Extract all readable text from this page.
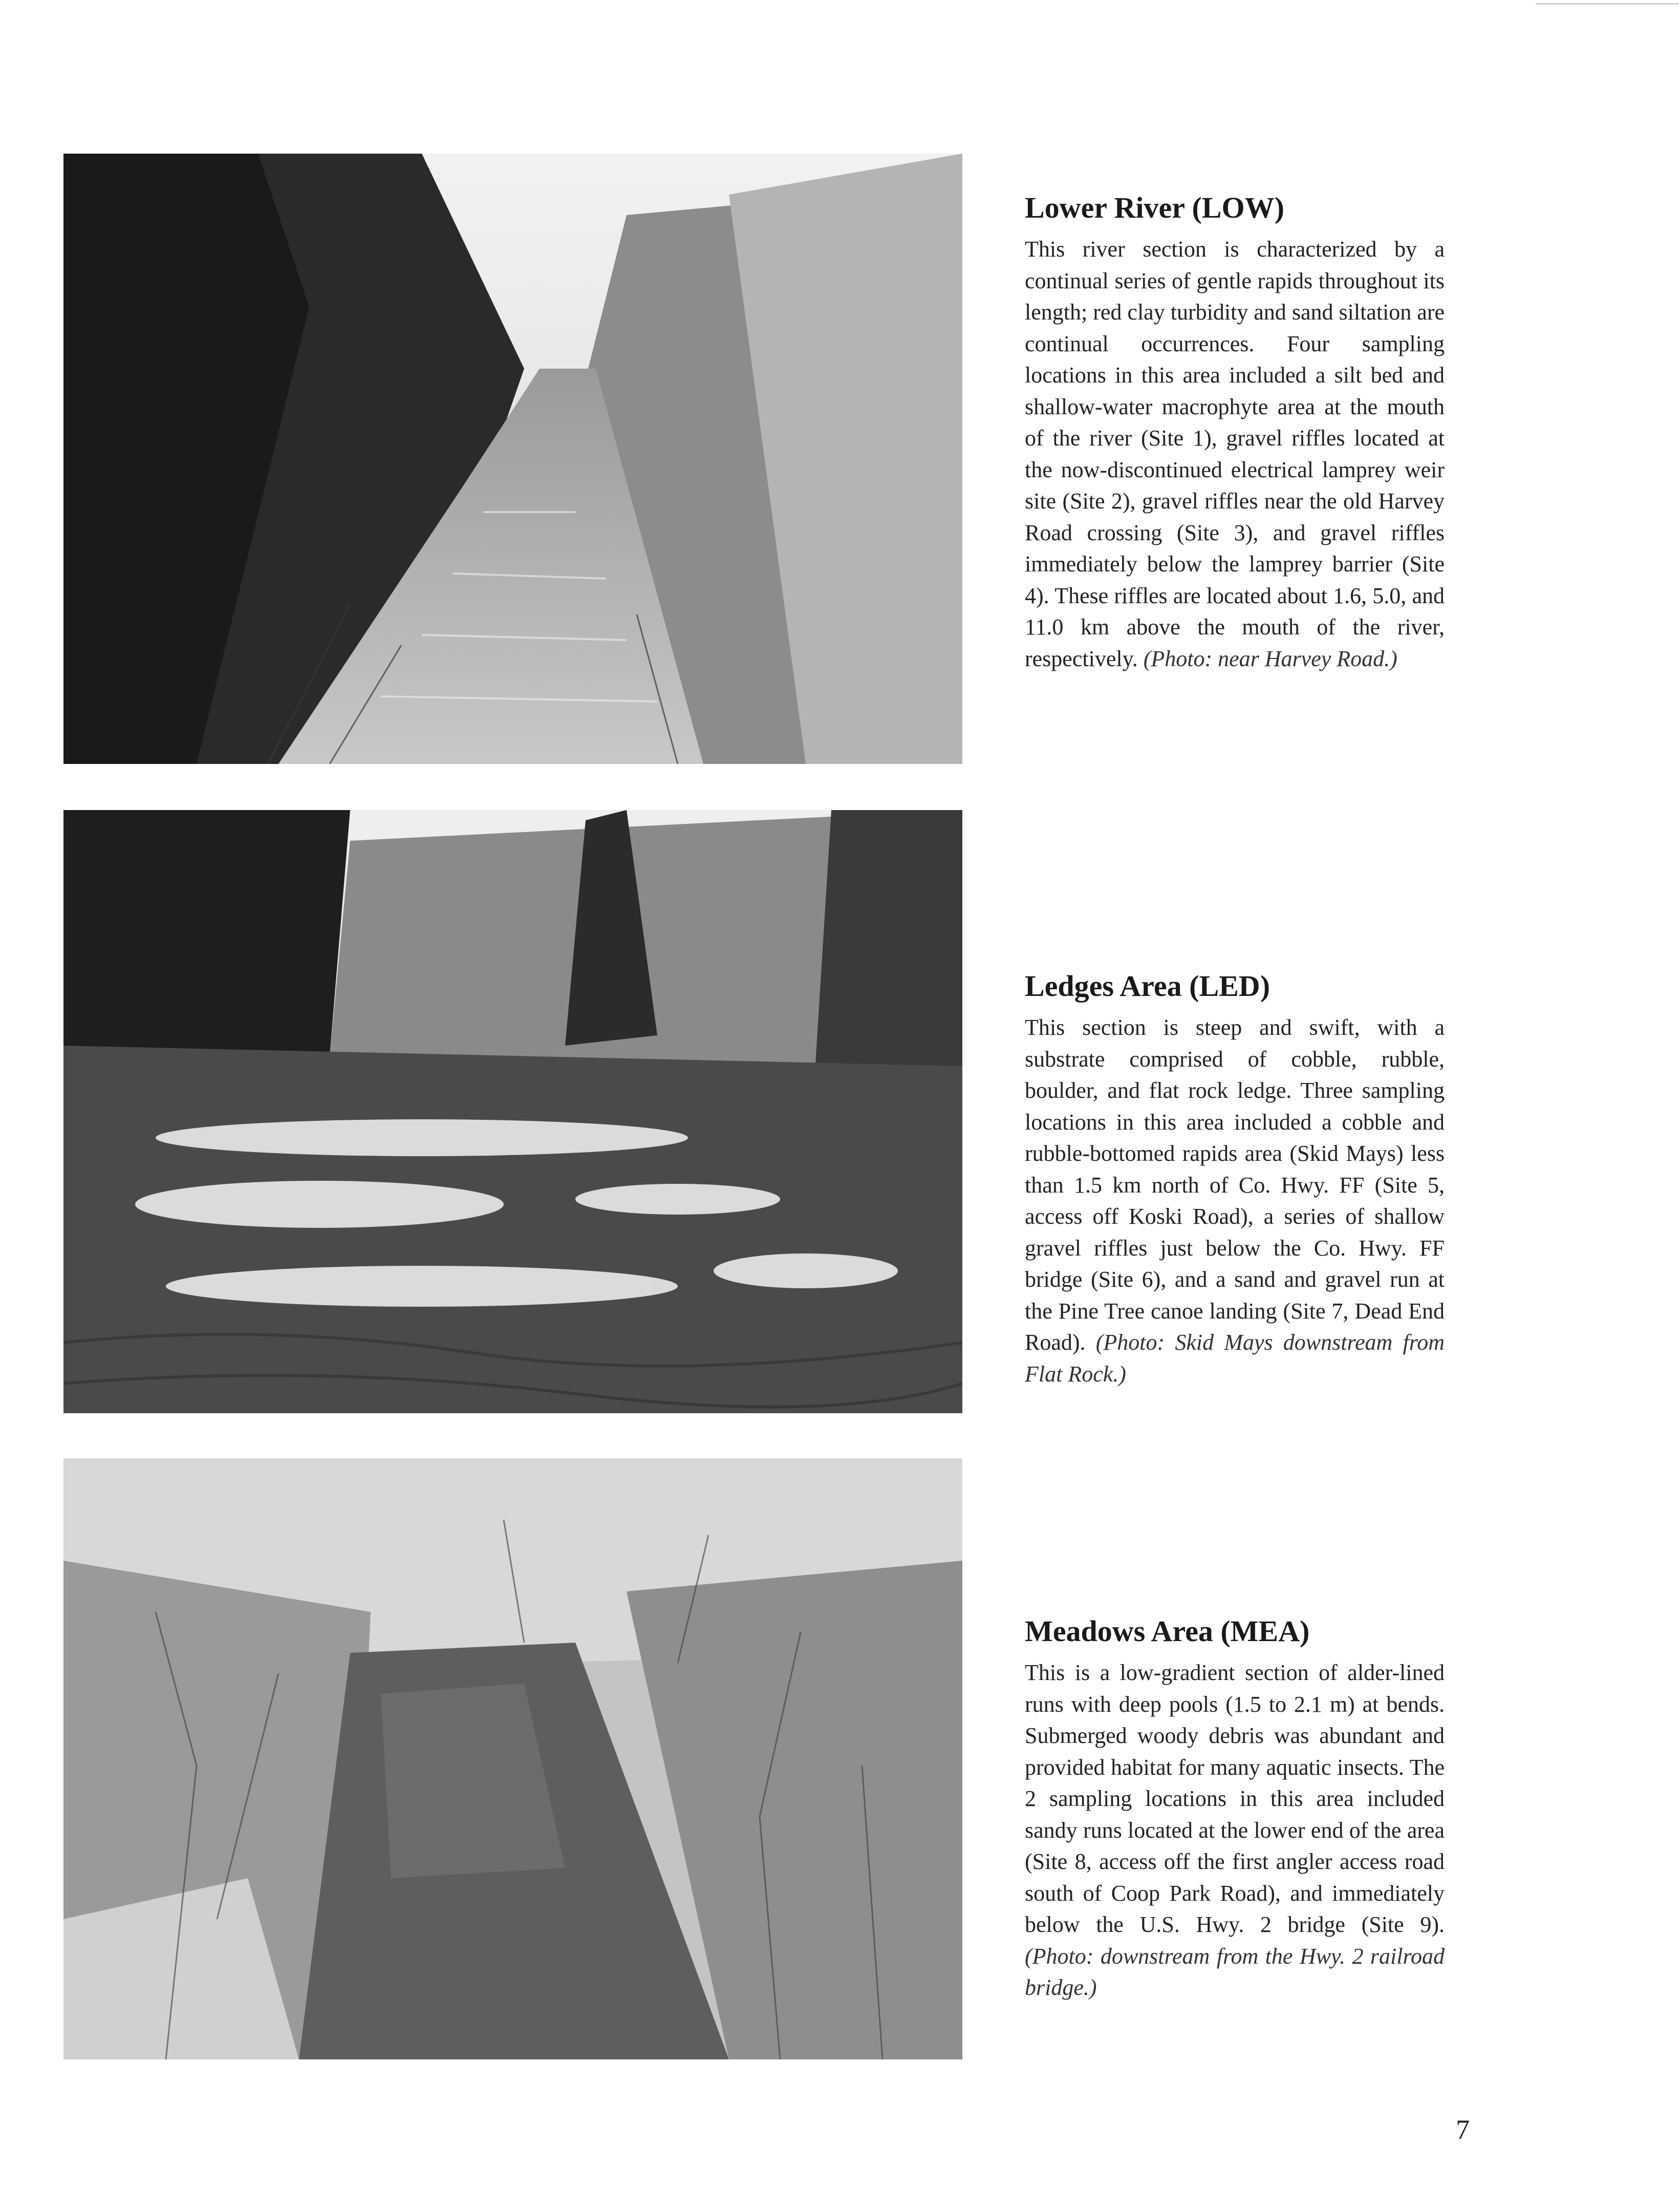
Lower River (LOW)

This river section is characterized by a continual series of gentle rapids throughout its length; red clay turbidity and sand siltation are continual occurrences. Four sampling locations in this area included a silt bed and shallow-water macrophyte area at the mouth of the river (Site 1), gravel riffles located at the now-discontinued electrical lamprey weir site (Site 2), gravel riffles near the old Harvey Road crossing (Site 3), and gravel riffles immediately below the lamprey barrier (Site 4). These riffles are located about 1.6, 5.0, and 11.0 km above the mouth of the river, respectively. (Photo: near Harvey Road.)

Ledges Area (LED)

This section is steep and swift, with a substrate comprised of cobble, rubble, boulder, and flat rock ledge. Three sampling locations in this area included a cobble and rubble-bottomed rapids area (Skid Mays) less than 1.5 km north of Co. Hwy. FF (Site 5, access off Koski Road), a series of shallow gravel riffles just below the Co. Hwy. FF bridge (Site 6), and a sand and gravel run at the Pine Tree canoe landing (Site 7, Dead End Road). (Photo: Skid Mays downstream from Flat Rock.)

Meadows Area (MEA)

This is a low-gradient section of alder-lined runs with deep pools (1.5 to 2.1 m) at bends. Submerged woody debris was abundant and provided habitat for many aquatic insects. The 2 sampling locations in this area included sandy runs located at the lower end of the area (Site 8, access off the first angler access road south of Coop Park Road), and immediately below the U.S. Hwy. 2 bridge (Site 9). (Photo: downstream from the Hwy. 2 railroad bridge.)

7
